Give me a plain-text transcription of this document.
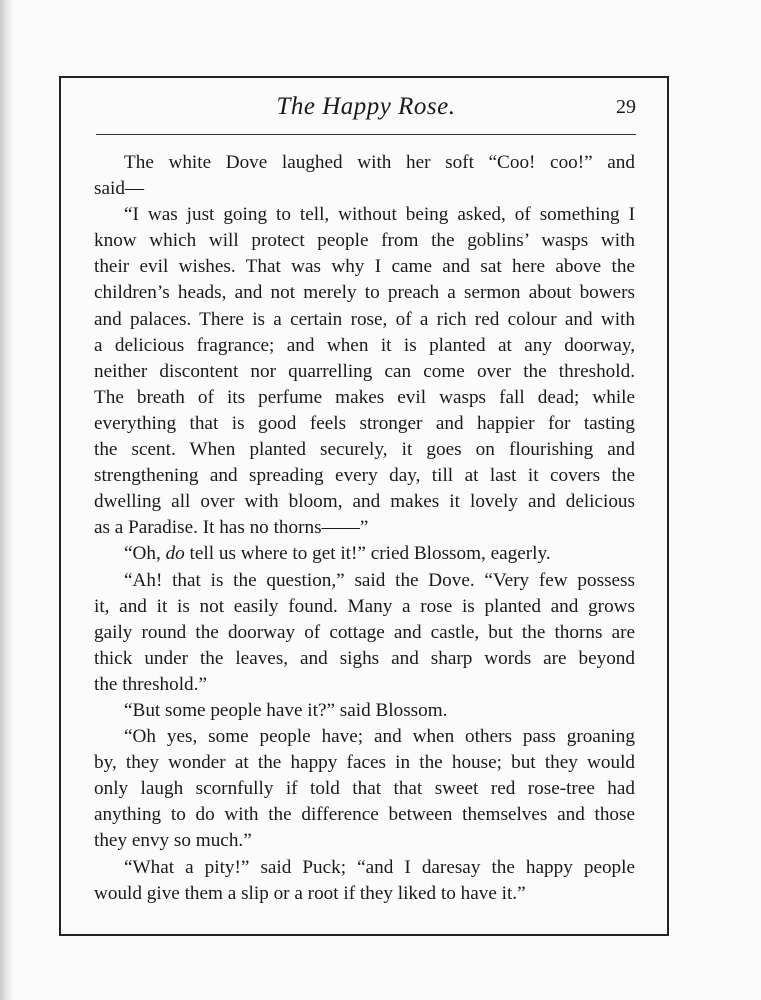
The Happy Rose.	29
The white Dove laughed with her soft “Coo! coo!” and
said—
“I was just going to tell, without being asked, of something I
know which will protect people from the goblins’ wasps with
their evil wishes. That was why I came and sat here above the
children’s heads, and not merely to preach a sermon about bowers
and palaces. There is a certain rose, of a rich red colour and with
a delicious fragrance; and when it is planted at any doorway,
neither discontent nor quarrelling can come over the threshold.
The breath of its perfume makes evil wasps fall dead; while
everything that is good feels stronger and happier for tasting
the scent. When planted securely, it goes on flourishing and
strengthening and spreading every day, till at last it covers the
dwelling all over with bloom, and makes it lovely and delicious
as a Paradise. It has no thorns——”
“Oh, do tell us where to get it!” cried Blossom, eagerly.
“Ah! that is the question,” said the Dove. “Very few possess
it, and it is not easily found. Many a rose is planted and grows
gaily round the doorway of cottage and castle, but the thorns are
thick under the leaves, and sighs and sharp words are beyond
the threshold.”
“But some people have it?” said Blossom.
“Oh yes, some people have; and when others pass groaning
by, they wonder at the happy faces in the house; but they would
only laugh scornfully if told that that sweet red rose-tree had
anything to do with the difference between themselves and those
they envy so much.”
“What a pity!” said Puck; “and I daresay the happy people
would give them a slip or a root if they liked to have it.”
